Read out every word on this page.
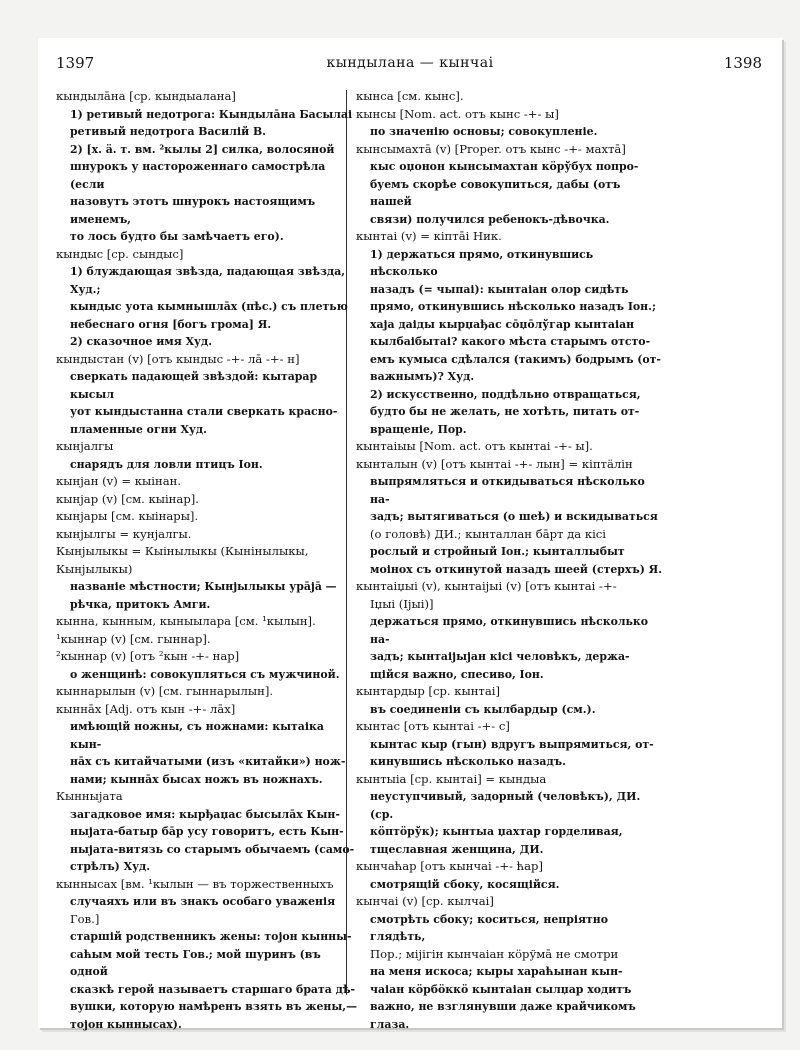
1397	кындылана — кынчаі	1398
кындылāна [ср. кындыалана]
1) ретивый недотрога: Кындылāна Басылаі
ретивый недотрога Василій В.
2) [х. ä. т. вм. ²кылы 2] силка, волосяной
шнурокъ у настороженнаго самострѣла (если
назовутъ этотъ шнурокъ настоящимъ именемъ,
то лось будто бы замѣчаетъ его).
кындыс [ср. сындыс]
1) блуждающая звѣзда, падающая звѣзда, Худ.;
кындыс уота кымнышлāх (пѣс.) съ плетью
небеснаго огня [богъ грома] Я.
2) сказочное имя Худ.
кындыстан (v) [отъ кындыс -+- лā -+- н]
сверкать падающей звѣздой: кытарар кысыл
уот кындыстанна стали сверкать красно-
пламенные огни Худ.
кынјалгы
снарядъ для ловли птицъ Іон.
кынјан (v) = кыінан.
кынјар (v) [см. кыінар].
кынјары [см. кыінары].
кынјылгы = кунјалгы.
Кынјылыкы = Кыінылыкы (Кынінылыкы,
Кынјылыкы)
названіе мѣстности; Кынјылыкы урāјā —
рѣчка, притокъ Амги.
кынна, кынным, кыныылара [см. ¹кылын].
¹кыннар (v) [см. гыннар].
²кыннар (v) [отъ ²кын -+- нар]
о женщинѣ: совокупляться съ мужчиной.
кыннарылын (v) [см. гыннарылын].
кыннāх [Adj. отъ кын -+- лāх]
имѣющій ножны, съ ножнами: кытаіка кын-
нāх съ китайчатыми (изъ «китайки») нож-
нами; кыннāх бысах ножъ въ ножнахъ.
Кынныјата
загадковое имя: кырђаџас бысылāх Кын-
ныјата-батыр бāр усу говоритъ, есть Кын-
ныјата-витязь со старымъ обычаемъ (само-
стрѣлъ) Худ.
кыннысах [вм. ¹кылын — въ торжественныхъ
случаяхъ или въ знакъ особаго уваженія
Гов.]
старшій родственникъ жены: тојон кынны-
саћым мой тесть Гов.; мой шуринъ (въ одной
сказкѣ герой называетъ старшаго брата дѣ-
вушки, которую намѣренъ взять въ жены,—
тојон кыннысах).
кынса [см. кынс].
кынсы [Nom. act. отъ кынс -+- ы]
по значенію основы; совокупленіе.
кынсымахтā (v) [Proper. отъ кынс -+- махтā]
кыс оџонон кынсымахтан кöрўбух попро-
буемъ скорѣе совокупиться, дабы (отъ нашей
связи) получился ребенокъ-дѣвочка.
кынтаі (v) = кіптāі Ник.
1) держаться прямо, откинувшись нѣсколько
назадъ (= чыпаі): кынтаіан олор сидѣть
прямо, откинувшись нѣсколько назадъ Іон.;
хаја даіды кырџађас сōџōлўгар кынтаіан
кылбаібытаі? какого мѣста старымъ отсто-
емъ кумыса сдѣлался (такимъ) бодрымъ (от-
важнымъ)? Худ.
2) искусственно, поддѣльно отвращаться,
будто бы не желать, не хотѣть, питать от-
вращеніе, Пор.
кынтаіыы [Nom. act. отъ кынтаі -+- ы].
кынталын (v) [отъ кынтаі -+- лын] = кіптäлін
выпрямляться и откидываться нѣсколько на-
задъ; вытягиваться (о шеѣ) и вскидываться
(о головѣ) ДИ.; кынталлан бāрт да кісі
рослый и стройный Іон.; кынталлыбыт
моінох съ откинутой назадъ шеей (стерхъ) Я.
кынтаіџыі (v), кынтаіјыі (v) [отъ кынтаі -+-
Іџыі (Іјыі)]
держаться прямо, откинувшись нѣсколько на-
задъ; кынтаіјыјан кісі человѣкъ, держа-
щійся важно, спесиво, Іон.
кынтардыр [ср. кынтаі]
въ соединеніи съ кылбардыр (см.).
кынтас [отъ кынтаі -+- с]
кынтас кыр (гын) вдругъ выпрямиться, от-
кинувшись нѣсколько назадъ.
кынтыіа [ср. кынтаі] = кындыа
неуступчивый, задорный (человѣкъ), ДИ. (ср.
кöптöрўк); кынтыа џахтар горделивая,
тщеславная женщина, ДИ.
кынчаћар [отъ кынчаі -+- ћар]
смотрящій сбоку, косящійся.
кынчаі (v) [ср. кылчаі]
смотрѣть сбоку; коситься, непріятно глядѣть,
Пор.; міјігін кынчаіан кöрўмā не смотри
на меня искоса; кыры хараћынан кын-
чаіан кöрбöккö кынтаіан сылџар ходитъ
важно, не взглянувши даже крайчикомъ глаза.
